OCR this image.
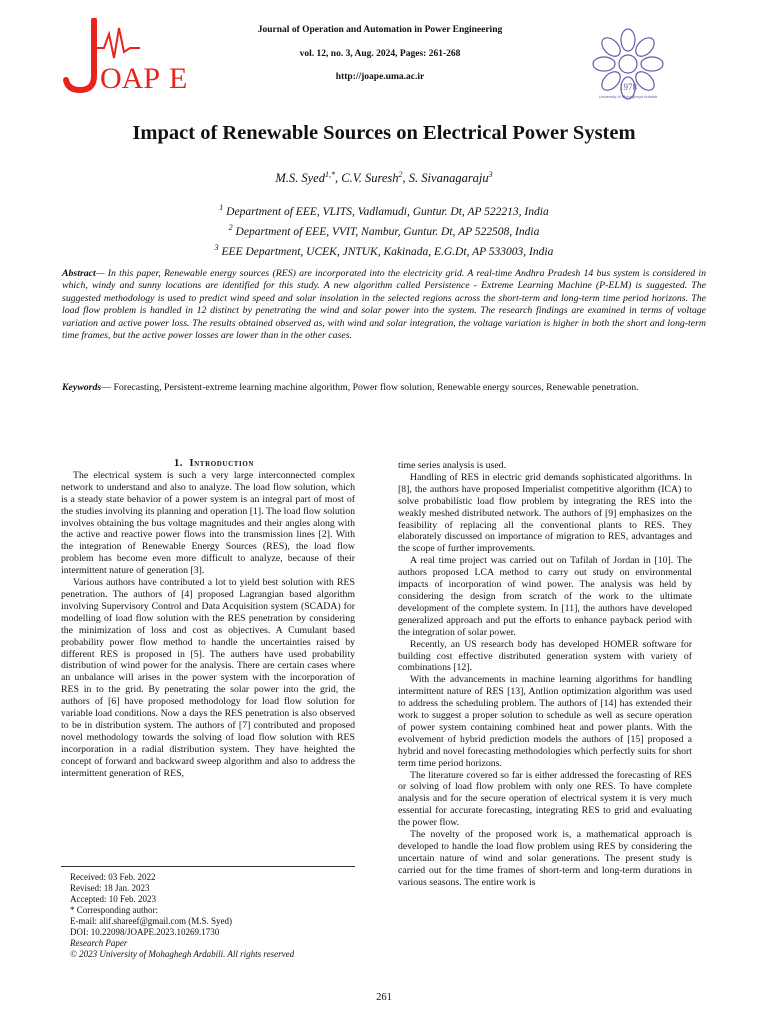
OAP E
Journal of Operation and Automation in Power Engineering
vol. 12, no. 3, Aug. 2024, Pages: 261-268
http://joape.uma.ac.ir
1978
University of Mohaghegh Ardabili
Impact of Renewable Sources on Electrical Power System
M.S. Syed$^{1,*}$, C.V. Suresh$^2$, S. Sivanagaraju$^3$
$^1$ Department of EEE, VLITS, Vadlamudi, Guntur. Dt, AP 522213, India
$^2$ Department of EEE, VVIT, Nambur, Guntur. Dt, AP 522508, India
$^3$ EEE Department, UCEK, JNTUK, Kakinada, E.G.Dt, AP 533003, India
Abstract— In this paper, Renewable energy sources (RES) are incorporated into the electricity grid. A real-time Andhra Pradesh 14 bus system is considered in which, windy and sunny locations are identified for this study. A new algorithm called Persistence - Extreme Learning Machine (P-ELM) is suggested. The suggested methodology is used to predict wind speed and solar insolation in the selected regions across the short-term and long-term time period horizons. The load flow problem is handled in 12 distinct by penetrating the wind and solar power into the system. The research findings are examined in terms of voltage variation and active power loss. The results obtained observed as, with wind and solar integration, the voltage variation is higher in both the short and long-term time frames, but the active power losses are lower than in the other cases.
Keywords— Forecasting, Persistent-extreme learning machine algorithm, Power flow solution, Renewable energy sources, Renewable penetration.

1. Introduction

The electrical system is such a very large interconnected complex network to understand and also to analyze. The load flow solution, which is a steady state behavior of a power system is an integral part of most of the studies involving its planning and operation [1]. The load flow solution involves obtaining the bus voltage magnitudes and their angles along with the active and reactive power flows into the transmission lines [2]. With the integration of Renewable Energy Sources (RES), the load flow problem has become even more difficult to analyze, because of their intermittent nature of generation [3].

Various authors have contributed a lot to yield best solution with RES penetration. The authors of [4] proposed Lagrangian based algorithm involving Supervisory Control and Data Acquisition system (SCADA) for modelling of load flow solution with the RES penetration by considering the minimization of loss and cost as objectives. A Cumulant based probability power flow method to handle the uncertainties raised by different RES is proposed in [5]. The authers have used probability distribution of wind power for the analysis. There are certain cases where an unbalance will arises in the power system with the incorporation of RES in to the grid. By penetrating the solar power into the grid, the authors of [6] have proposed methodology for load flow solution for variable load conditions. Now a days the RES penetration is also observed to be in distribution system. The authors of [7] contributed and proposed novel methodology towards the solving of load flow solution with RES incorporation in a radial distribution system. They have heighted the concept of forward and backward sweep algorithm and also to address the intermittent generation of RES,

time series analysis is used.

Handling of RES in electric grid demands sophisticated algorithms. In [8], the authors have proposed Imperialist competitive algorithm (ICA) to solve probabilistic load flow problem by integrating the RES into the weakly meshed distributed network. The authors of [9] emphasizes on the feasibility of replacing all the conventional plants to RES. They elaborately discussed on importance of migration to RES, advantages and the scope of further improvements.

A real time project was carried out on Tafilah of Jordan in [10]. The authors proposed LCA method to carry out study on environmental impacts of incorporation of wind power. The analysis was held by considering the design from scratch of the work to the ultimate development of the complete system. In [11], the authors have developed generalized approach and put the efforts to enhance payback period with the integration of solar power.

Recently, an US research body has developed HOMER software for building cost effective distributed generation system with variety of combinations [12].

With the advancements in machine learning algorithms for handling intermittent nature of RES [13], Antlion optimization algorithm was used to address the scheduling problem. The authors of [14] has extended their work to suggest a proper solution to schedule as well as secure operation of power system containing combined heat and power plants. With the evolvement of hybrid prediction models the authors of [15] proposed a hybrid and novel forecasting methodologies which perfectly suits for short term time period horizons.

The literature covered so far is either addressed the forecasting of RES or solving of load flow problem with only one RES. To have complete analysis and for the secure operation of electrical system it is very much essential for accurate forecasting, integrating RES to grid and evaluating the power flow.

The novelty of the proposed work is, a mathematical approach is developed to handle the load flow problem using RES by considering the uncertain nature of wind and solar generations. The present study is carried out for the time frames of short-term and long-term durations in various seasons. The entire work is

Received: 03 Feb. 2022
Revised: 18 Jan. 2023
Accepted: 10 Feb. 2023
* Corresponding author:
E-mail: alif.shareef@gmail.com (M.S. Syed)
DOI: 10.22098/JOAPE.2023.10269.1730
Research Paper
© 2023 University of Mohaghegh Ardabili. All rights reserved
261
